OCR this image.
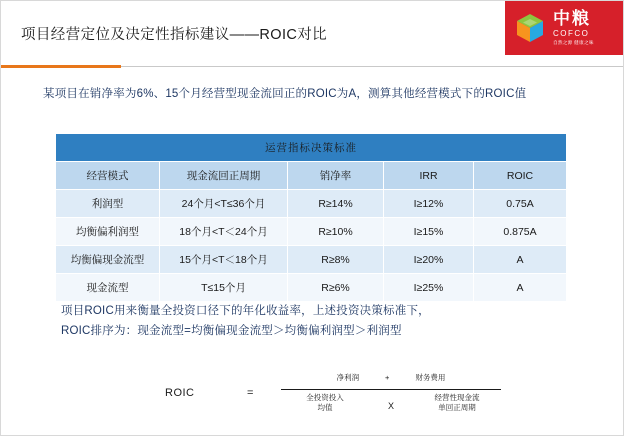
项目经营定位及决定性指标建议——ROIC对比
中粮
COFCO
自然之源 健康之味
某项目在销净率为6%、15个月经营型现金流回正的ROIC为A，测算其他经营模式下的ROIC值
运营指标决策标准				
经营模式	现金流回正周期	销净率	IRR	ROIC
利润型	24个月<T≤36个月	R≥14%	I≥12%	0.75A
均衡偏利润型	18个月<T＜24个月	R≥10%	I≥15%	0.875A
均衡偏现金流型	15个月<T＜18个月	R≥8%	I≥20%	A
现金流型	T≤15个月	R≥6%	I≥25%	A
项目ROIC用来衡量全投资口径下的年化收益率，上述投资决策标准下，
ROIC排序为：现金流型=均衡偏现金流型＞均衡偏利润型＞利润型
ROIC	=
净利润	+	财务费用
全投资投入
均值	X
经营性现金流
单回正周期
